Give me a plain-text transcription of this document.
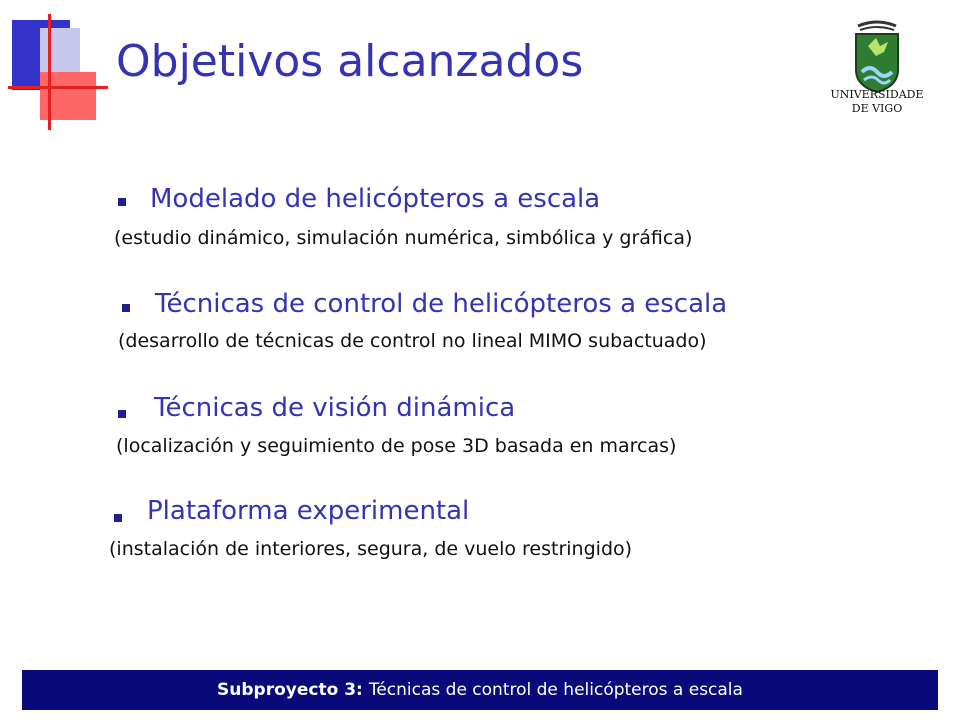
Objetivos alcanzados
UNIVERSIDADE
DE VIGO
Modelado de helicópteros a escala
(estudio dinámico, simulación numérica, simbólica y gráfica)
Técnicas de control de helicópteros a escala
(desarrollo de técnicas de control no lineal MIMO subactuado)
Técnicas de visión dinámica
(localización y seguimiento de pose 3D basada en marcas)
Plataforma experimental
(instalación de interiores, segura, de vuelo restringido)
Subproyecto 3: Técnicas de control de helicópteros a escala
